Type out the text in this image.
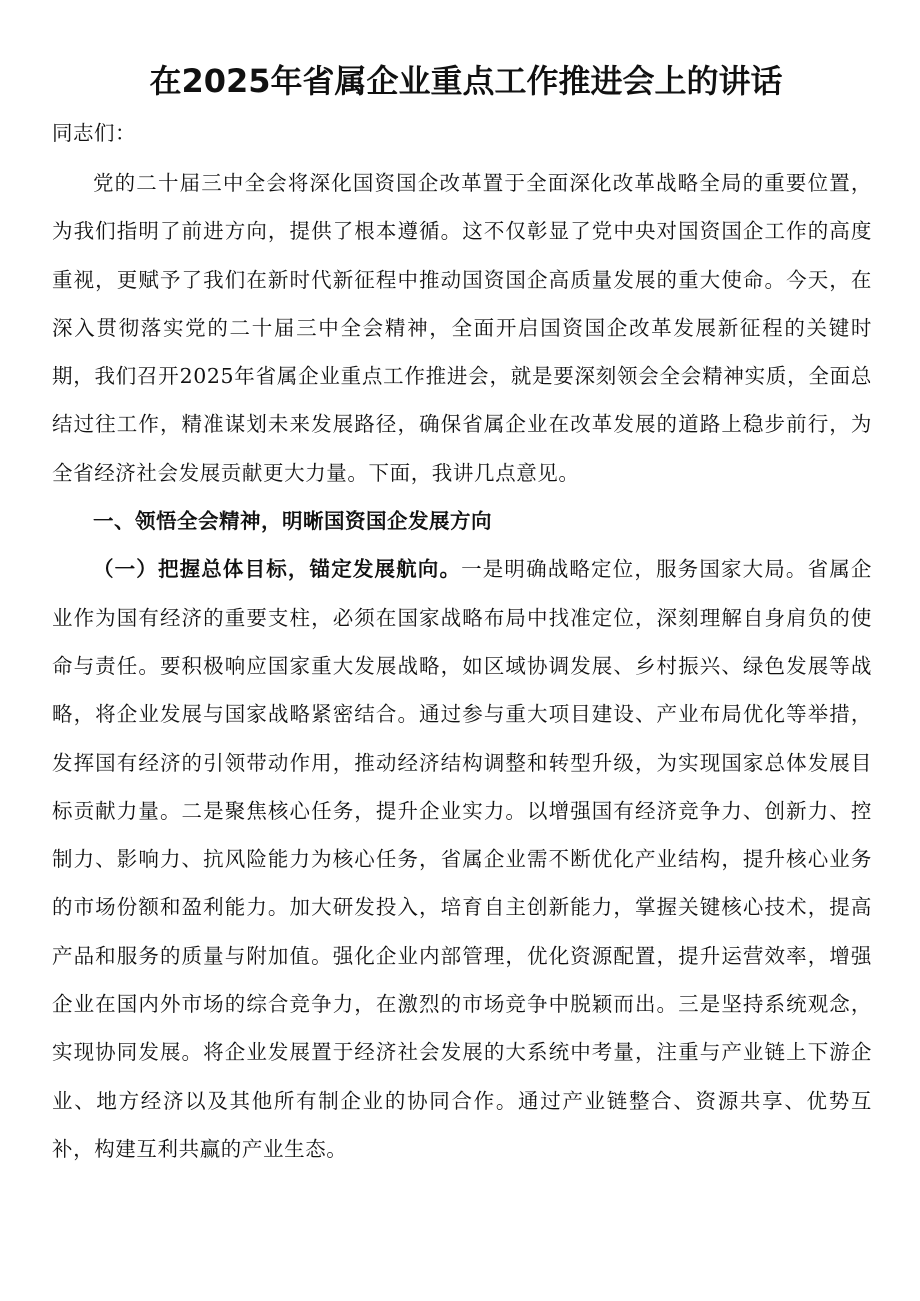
在2025年省属企业重点工作推进会上的讲话
同志们：

党的二十届三中全会将深化国资国企改革置于全面深化改革战略全局的重要位置，为我们指明了前进方向，提供了根本遵循。这不仅彰显了党中央对国资国企工作的高度重视，更赋予了我们在新时代新征程中推动国资国企高质量发展的重大使命。今天，在深入贯彻落实党的二十届三中全会精神，全面开启国资国企改革发展新征程的关键时期，我们召开2025年省属企业重点工作推进会，就是要深刻领会全会精神实质，全面总结过往工作，精准谋划未来发展路径，确保省属企业在改革发展的道路上稳步前行，为全省经济社会发展贡献更大力量。下面，我讲几点意见。

一、领悟全会精神，明晰国资国企发展方向

（一）把握总体目标，锚定发展航向。一是明确战略定位，服务国家大局。省属企业作为国有经济的重要支柱，必须在国家战略布局中找准定位，深刻理解自身肩负的使命与责任。要积极响应国家重大发展战略，如区域协调发展、乡村振兴、绿色发展等战略，将企业发展与国家战略紧密结合。通过参与重大项目建设、产业布局优化等举措，发挥国有经济的引领带动作用，推动经济结构调整和转型升级，为实现国家总体发展目标贡献力量。二是聚焦核心任务，提升企业实力。以增强国有经济竞争力、创新力、控制力、影响力、抗风险能力为核心任务，省属企业需不断优化产业结构，提升核心业务的市场份额和盈利能力。加大研发投入，培育自主创新能力，掌握关键核心技术，提高产品和服务的质量与附加值。强化企业内部管理，优化资源配置，提升运营效率，增强企业在国内外市场的综合竞争力，在激烈的市场竞争中脱颖而出。三是坚持系统观念，实现协同发展。将企业发展置于经济社会发展的大系统中考量，注重与产业链上下游企业、地方经济以及其他所有制企业的协同合作。通过产业链整合、资源共享、优势互补，构建互利共赢的产业生态。
